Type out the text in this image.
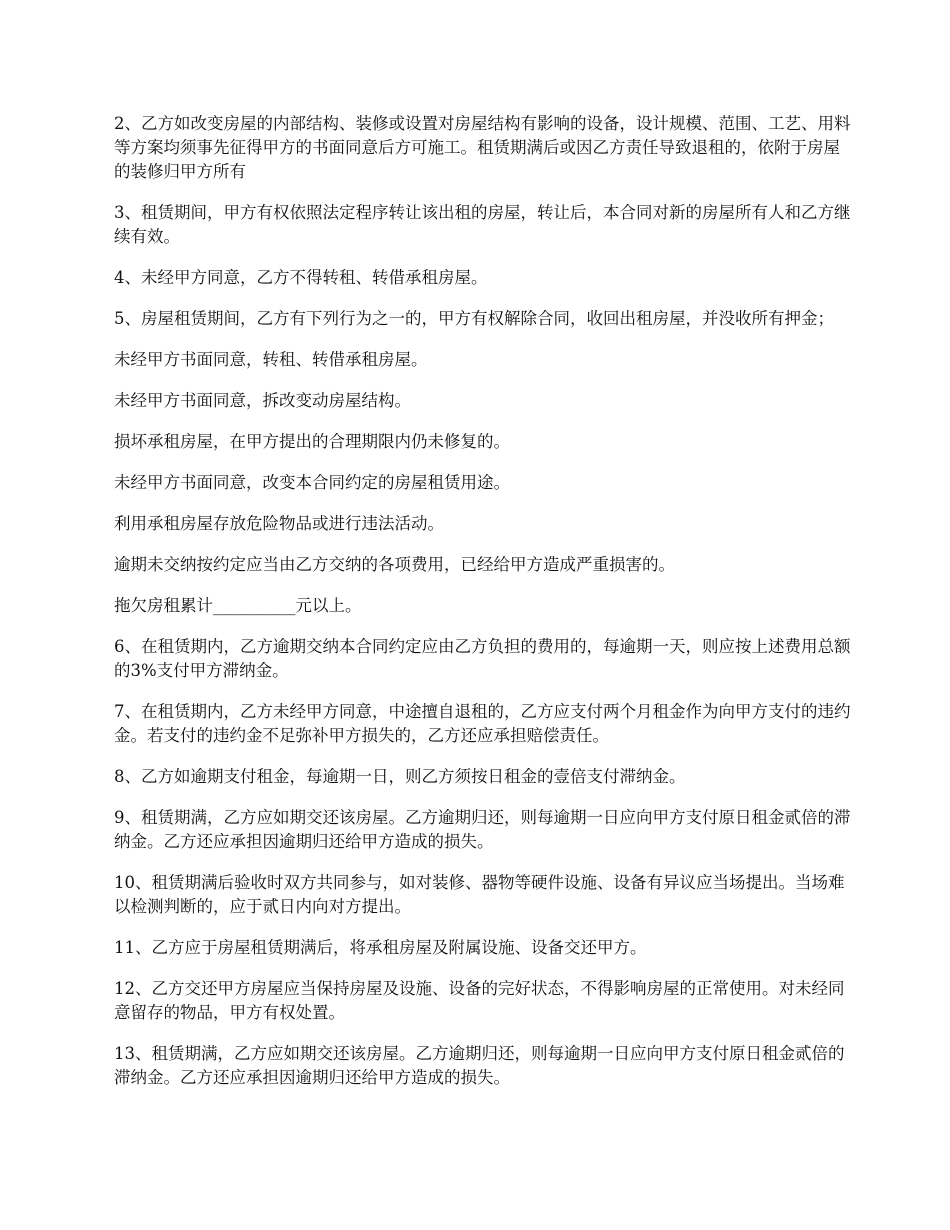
2、乙方如改变房屋的内部结构、装修或设置对房屋结构有影响的设备，设计规模、范围、工艺、用料等方案均须事先征得甲方的书面同意后方可施工。租赁期满后或因乙方责任导致退租的，依附于房屋的装修归甲方所有

3、租赁期间，甲方有权依照法定程序转让该出租的房屋，转让后，本合同对新的房屋所有人和乙方继续有效。

4、未经甲方同意，乙方不得转租、转借承租房屋。

5、房屋租赁期间，乙方有下列行为之一的，甲方有权解除合同，收回出租房屋，并没收所有押金；

未经甲方书面同意，转租、转借承租房屋。

未经甲方书面同意，拆改变动房屋结构。

损坏承租房屋，在甲方提出的合理期限内仍未修复的。

未经甲方书面同意，改变本合同约定的房屋租赁用途。

利用承租房屋存放危险物品或进行违法活动。

逾期未交纳按约定应当由乙方交纳的各项费用，已经给甲方造成严重损害的。

拖欠房租累计__________元以上。

6、在租赁期内，乙方逾期交纳本合同约定应由乙方负担的费用的，每逾期一天，则应按上述费用总额的3%支付甲方滞纳金。

7、在租赁期内，乙方未经甲方同意，中途擅自退租的，乙方应支付两个月租金作为向甲方支付的违约金。若支付的违约金不足弥补甲方损失的，乙方还应承担赔偿责任。

8、乙方如逾期支付租金，每逾期一日，则乙方须按日租金的壹倍支付滞纳金。

9、租赁期满，乙方应如期交还该房屋。乙方逾期归还，则每逾期一日应向甲方支付原日租金贰倍的滞纳金。乙方还应承担因逾期归还给甲方造成的损失。

10、租赁期满后验收时双方共同参与，如对装修、器物等硬件设施、设备有异议应当场提出。当场难以检测判断的，应于贰日内向对方提出。

11、乙方应于房屋租赁期满后，将承租房屋及附属设施、设备交还甲方。

12、乙方交还甲方房屋应当保持房屋及设施、设备的完好状态，不得影响房屋的正常使用。对未经同意留存的物品，甲方有权处置。

13、租赁期满，乙方应如期交还该房屋。乙方逾期归还，则每逾期一日应向甲方支付原日租金贰倍的滞纳金。乙方还应承担因逾期归还给甲方造成的损失。
